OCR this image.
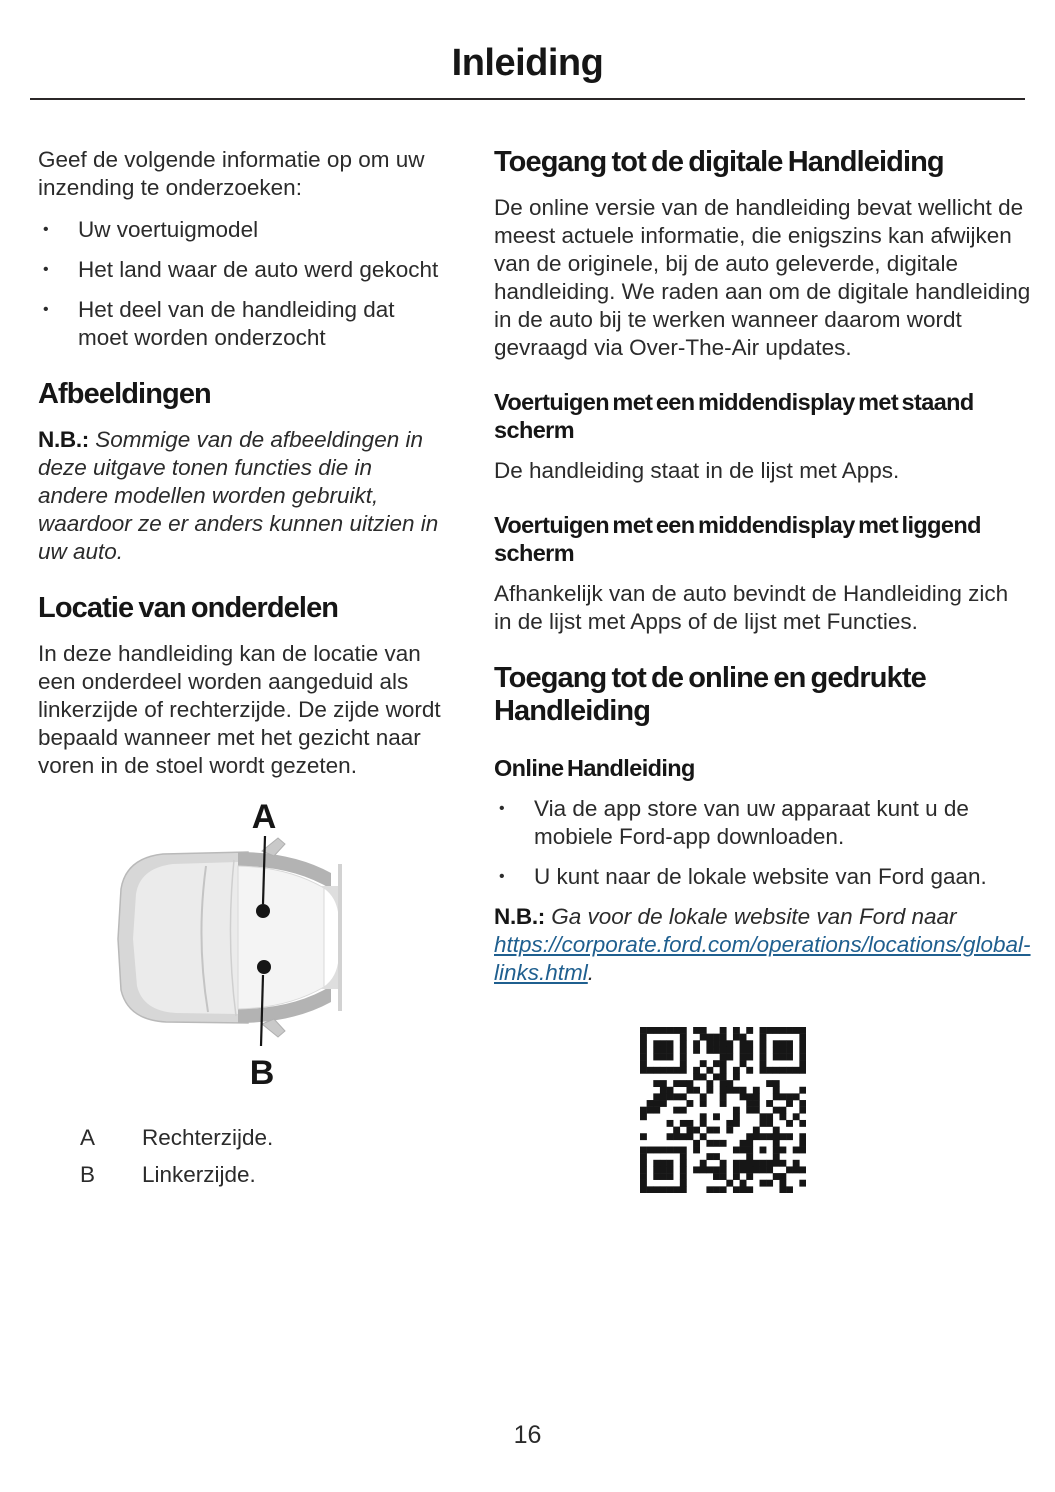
Inleiding

Geef de volgende informatie op om uw inzending te onderzoeken:

•	Uw voertuigmodel
•	Het land waar de auto werd gekocht
•	Het deel van de handleiding dat moet worden onderzocht
Afbeeldingen

N.B.: Sommige van de afbeeldingen in deze uitgave tonen functies die in andere modellen worden gebruikt, waardoor ze er anders kunnen uitzien in uw auto.

Locatie van onderdelen

In deze handleiding kan de locatie van een onderdeel worden aangeduid als linkerzijde of rechterzijde. De zijde wordt bepaald wanneer met het gezicht naar voren in de stoel wordt gezeten.

A
B
A	Rechterzijde.
B	Linkerzijde.
Toegang tot de digitale Handleiding

De online versie van de handleiding bevat wellicht de meest actuele informatie, die enigszins kan afwijken van de originele, bij de auto geleverde, digitale handleiding. We raden aan om de digitale handleiding in de auto bij te werken wanneer daarom wordt gevraagd via Over-The-Air updates.

Voertuigen met een middendisplay met staand scherm

De handleiding staat in de lijst met Apps.

Voertuigen met een middendisplay met liggend scherm

Afhankelijk van de auto bevindt de Handleiding zich in de lijst met Apps of de lijst met Functies.

Toegang tot de online en gedrukte Handleiding
Online Handleiding
•	Via de app store van uw apparaat kunt u de mobiele Ford-app downloaden.
•	U kunt naar de lokale website van Ford gaan.

N.B.: Ga voor de lokale website van Ford naar https://corporate.ford.com/operations/locations/global-links.html.

16
